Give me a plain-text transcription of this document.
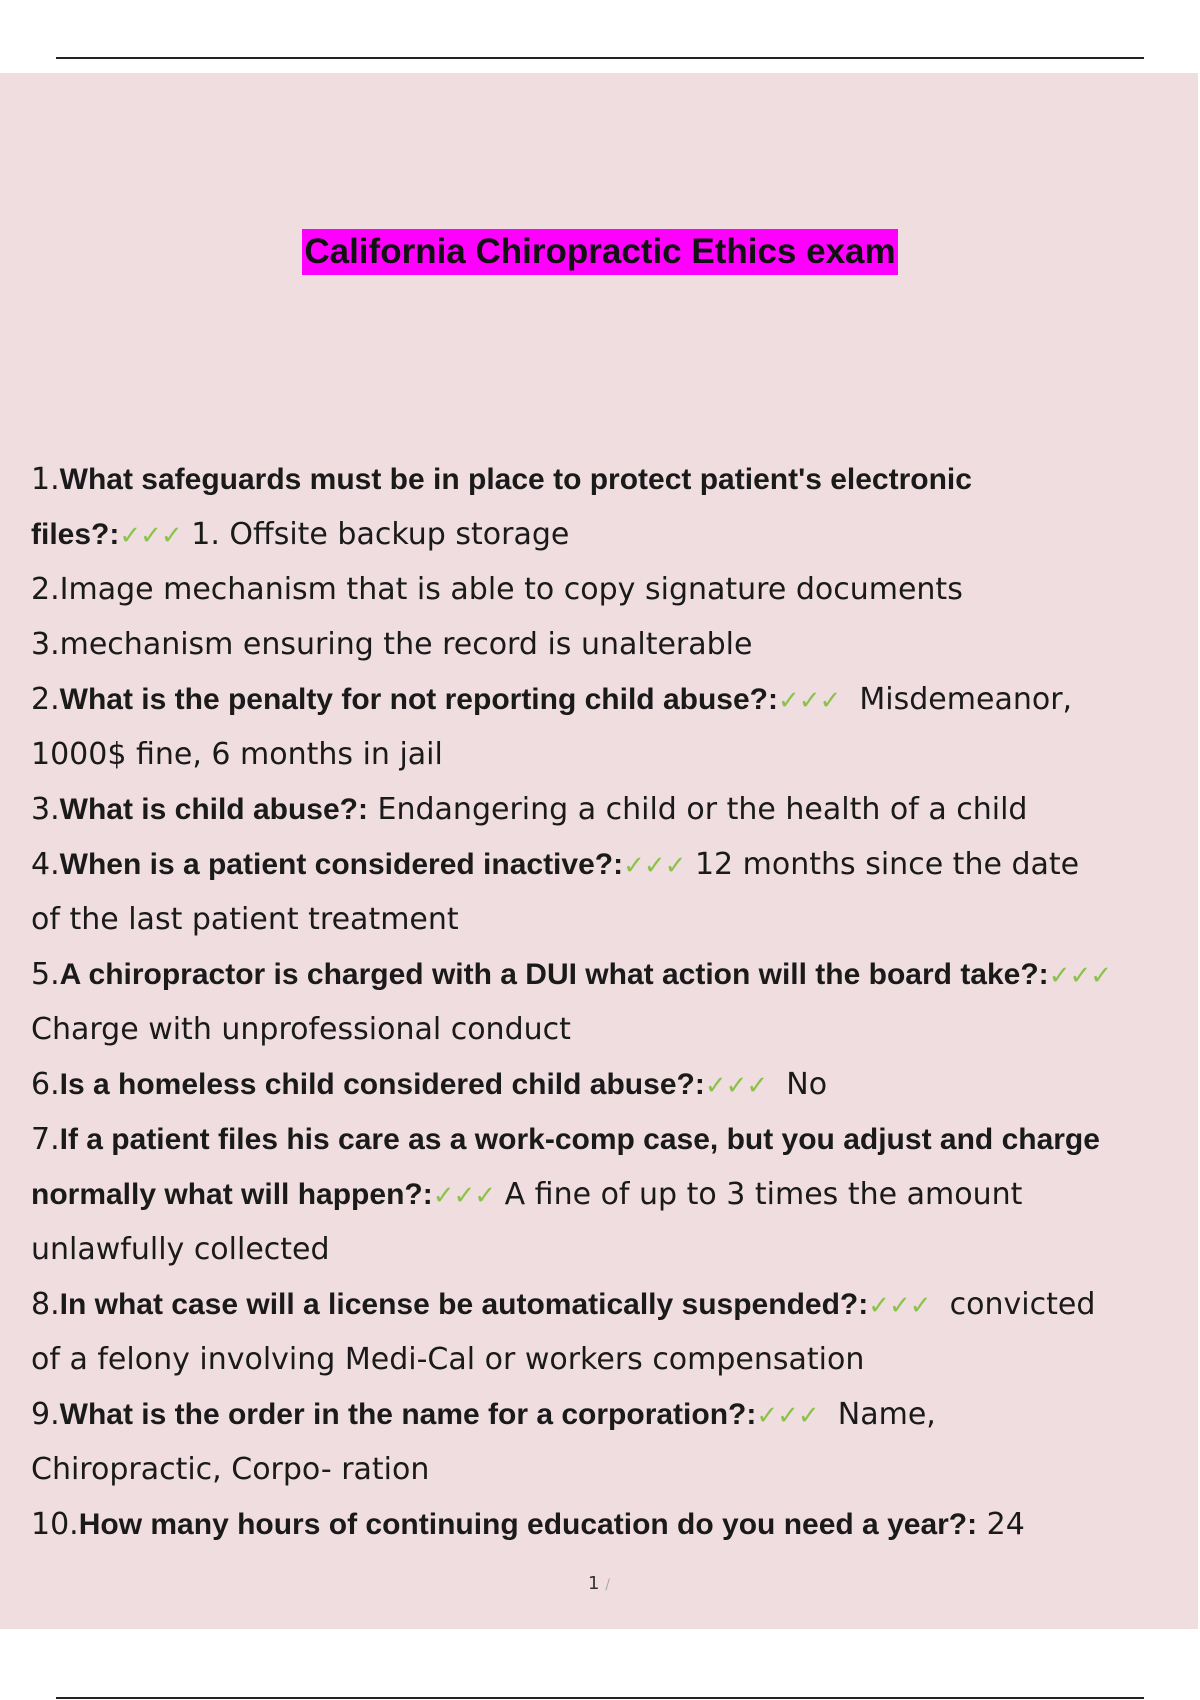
California Chiropractic Ethics exam
1.What safeguards must be in place to protect patient's electronic
files?:✓✓✓ 1. Offsite backup storage
2.Image mechanism that is able to copy signature documents
3.mechanism ensuring the record is unalterable
2.What is the penalty for not reporting child abuse?:✓✓✓  Misdemeanor,
1000$ fine, 6 months in jail
3.What is child abuse?: Endangering a child or the health of a child
4.When is a patient considered inactive?:✓✓✓ 12 months since the date
of the last patient treatment
5.A chiropractor is charged with a DUI what action will the board take?:✓✓✓
Charge with unprofessional conduct
6.Is a homeless child considered child abuse?:✓✓✓  No
7.If a patient files his care as a work-comp case, but you adjust and charge
normally what will happen?:✓✓✓ A fine of up to 3 times the amount
unlawfully collected
8.In what case will a license be automatically suspended?:✓✓✓  convicted
of a felony involving Medi-Cal or workers compensation
9.What is the order in the name for a corporation?:✓✓✓  Name,
Chiropractic, Corpo- ration
10.How many hours of continuing education do you need a year?: 24
1 /
